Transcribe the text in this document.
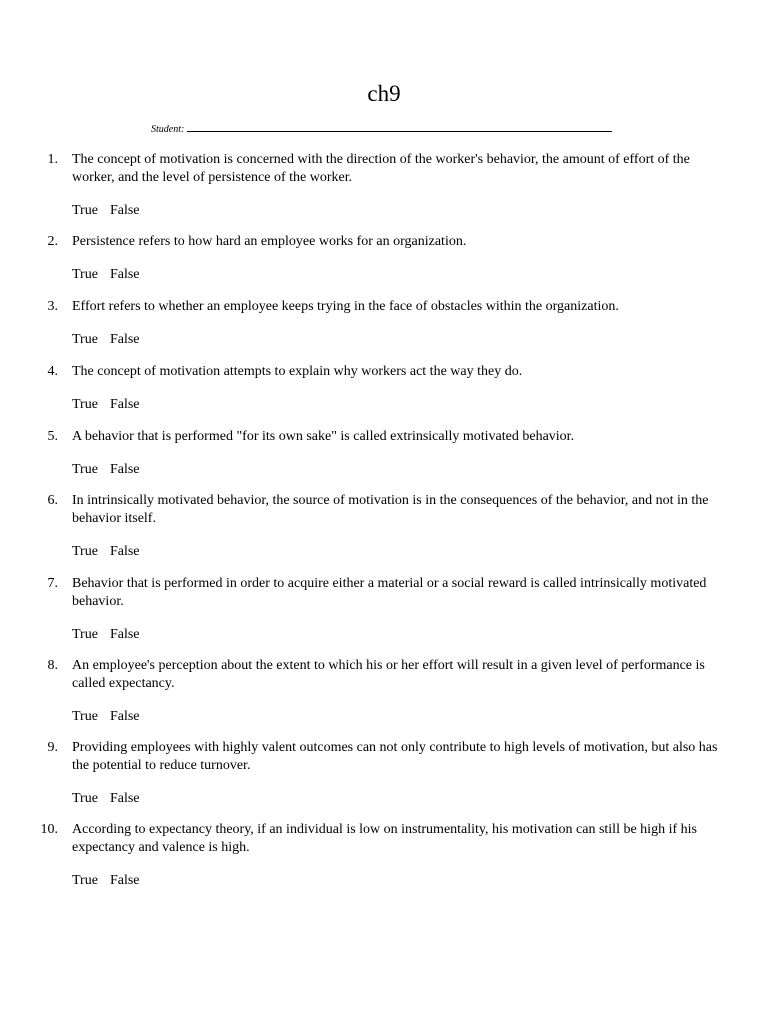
ch9
Student:
1. The concept of motivation is concerned with the direction of the worker's behavior, the amount of effort of the worker, and the level of persistence of the worker.
True False
2. Persistence refers to how hard an employee works for an organization.
True False
3. Effort refers to whether an employee keeps trying in the face of obstacles within the organization.
True False
4. The concept of motivation attempts to explain why workers act the way they do.
True False
5. A behavior that is performed "for its own sake" is called extrinsically motivated behavior.
True False
6. In intrinsically motivated behavior, the source of motivation is in the consequences of the behavior, and not in the behavior itself.
True False
7. Behavior that is performed in order to acquire either a material or a social reward is called intrinsically motivated behavior.
True False
8. An employee's perception about the extent to which his or her effort will result in a given level of performance is called expectancy.
True False
9. Providing employees with highly valent outcomes can not only contribute to high levels of motivation, but also has the potential to reduce turnover.
True False
10. According to expectancy theory, if an individual is low on instrumentality, his motivation can still be high if his expectancy and valence is high.
True False
